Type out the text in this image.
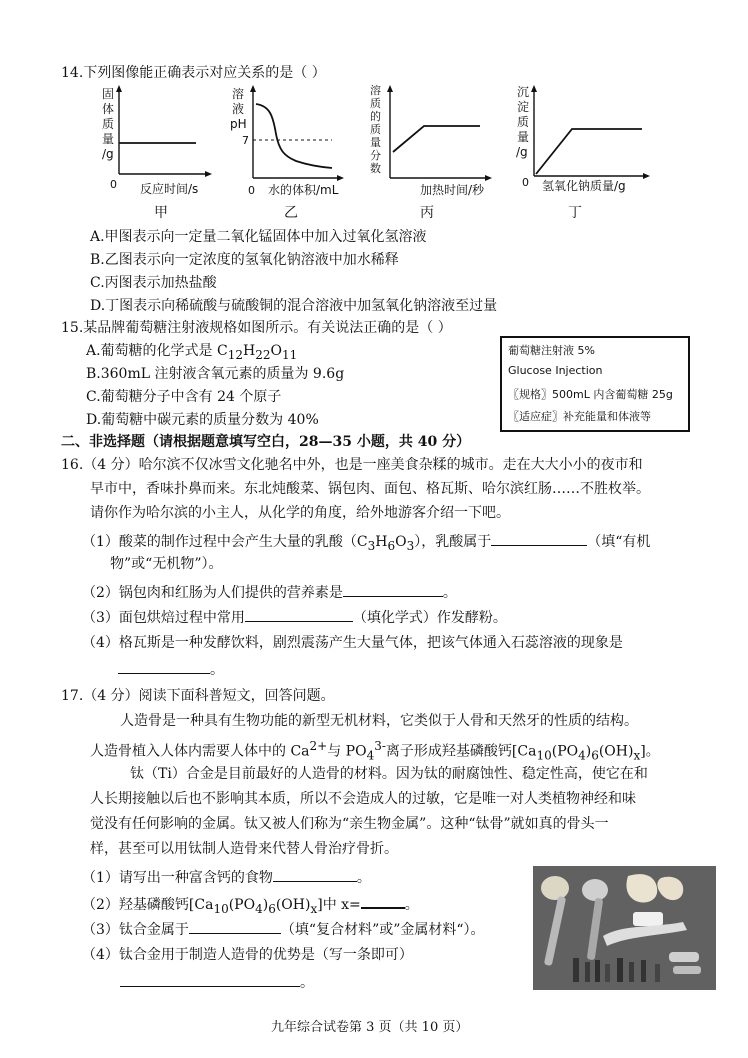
14.下列图像能正确表示对应关系的是（ ）
固
体
质
量
/g
0 反应时间/s
甲
溶
液
pH
7
0 水的体积/mL
乙
溶
质
的
质
量
分
数
加热时间/秒
丙
沉
淀
质
量
/g
0 氢氧化钠质量/g
丁
A.甲图表示向一定量二氧化锰固体中加入过氧化氢溶液
B.乙图表示向一定浓度的氢氧化钠溶液中加水稀释
C.丙图表示加热盐酸
D.丁图表示向稀硫酸与硫酸铜的混合溶液中加氢氧化钠溶液至过量
15.某品牌葡萄糖注射液规格如图所示。有关说法正确的是（ ）
A.葡萄糖的化学式是 $C_{12}H_{22}O_{11}$
B.360mL 注射液含氧元素的质量为 9.6g
C.葡萄糖分子中含有 24 个原子
D.葡萄糖中碳元素的质量分数为 40%
葡萄糖注射液 5%
Glucose Injection
〖规格〗500mL 内含葡萄糖 25g
〖适应症〗补充能量和体液等
二、非选择题（请根据题意填写空白，28—35 小题，共 40 分）
16.（4 分）哈尔滨不仅冰雪文化驰名中外，也是一座美食杂糅的城市。走在大大小小的夜市和
早市中，香味扑鼻而来。东北炖酸菜、锅包肉、面包、格瓦斯、哈尔滨红肠……不胜枚举。
请你作为哈尔滨的小主人，从化学的角度，给外地游客介绍一下吧。
（1）酸菜的制作过程中会产生大量的乳酸$(C_3H_6O_3)$，乳酸属于	（填“有机
物”或“无机物”）。
（2）锅包肉和红肠为人们提供的营养素是	。
（3）面包烘焙过程中常用	（填化学式）作发酵粉。
（4）格瓦斯是一种发酵饮料，剧烈震荡产生大量气体，把该气体通入石蕊溶液的现象是
。
17.（4 分）阅读下面科普短文，回答问题。
人造骨是一种具有生物功能的新型无机材料，它类似于人骨和天然牙的性质的结构。
人造骨植入人体内需要人体中的 $Ca^{2+}$与 $PO_4^{3-}$离子形成羟基磷酸钙$[Ca_{10}(PO_4)_6(OH)_x]$。
钛（Ti）合金是目前最好的人造骨的材料。因为钛的耐腐蚀性、稳定性高，使它在和
人长期接触以后也不影响其本质，所以不会造成人的过敏，它是唯一对人类植物神经和味
觉没有任何影响的金属。钛又被人们称为“亲生物金属”。这种“钛骨”就如真的骨头一
样，甚至可以用钛制人造骨来代替人骨治疗骨折。
（1）请写出一种富含钙的食物	。
（2）羟基磷酸钙$[Ca_{10}(PO_4)_6(OH)_x]$中 x=	。
（3）钛合金属于	（填“复合材料”或”金属材料“）。
（4）钛合金用于制造人造骨的优势是（写一条即可）
。
九年综合试卷第 3 页（共 10 页）
